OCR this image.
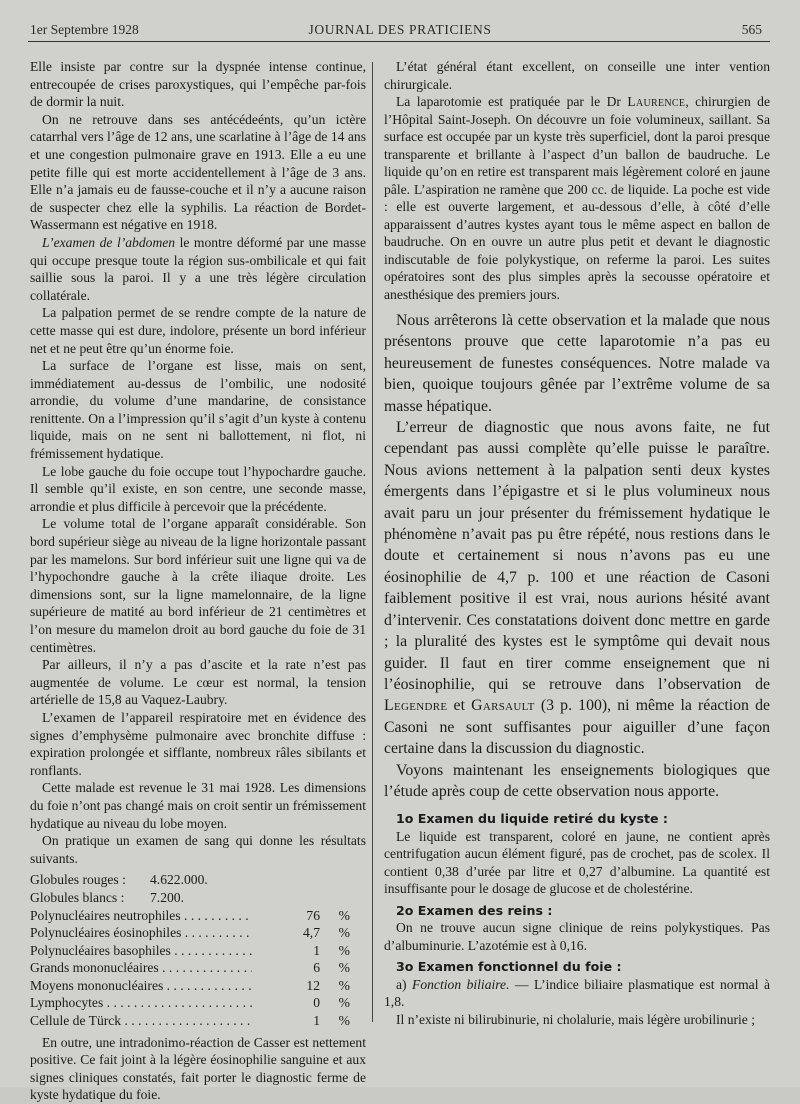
1er Septembre 1928	JOURNAL DES PRATICIENS	565

Elle insiste par contre sur la dyspnée intense continue, entrecoupée de crises paroxystiques, qui l’empêche par-fois de dormir la nuit.

On ne retrouve dans ses antécédeénts, qu’un ictère catarrhal vers l’âge de 12 ans, une scarlatine à l’âge de 14 ans et une congestion pulmonaire grave en 1913. Elle a eu une petite fille qui est morte accidentellement à l’âge de 3 ans. Elle n’a jamais eu de fausse-couche et il n’y a aucune raison de suspecter chez elle la syphilis. La réaction de Bordet-Wassermann est négative en 1918.

L’examen de l’abdomen le montre déformé par une masse qui occupe presque toute la région sus-ombilicale et qui fait saillie sous la paroi. Il y a une très légère circulation collatérale.

La palpation permet de se rendre compte de la nature de cette masse qui est dure, indolore, présente un bord inférieur net et ne peut être qu’un énorme foie.

La surface de l’organe est lisse, mais on sent, immédiatement au-dessus de l’ombilic, une nodosité arrondie, du volume d’une mandarine, de consistance renittente. On a l’impression qu’il s’agit d’un kyste à contenu liquide, mais on ne sent ni ballottement, ni flot, ni frémissement hydatique.

Le lobe gauche du foie occupe tout l’hypochardre gauche. Il semble qu’il existe, en son centre, une seconde masse, arrondie et plus difficile à percevoir que la précédente.

Le volume total de l’organe apparaît considérable. Son bord supérieur siège au niveau de la ligne horizontale passant par les mamelons. Sur bord inférieur suit une ligne qui va de l’hypochondre gauche à la crête iliaque droite. Les dimensions sont, sur la ligne mamelonnaire, de la ligne supérieure de matité au bord inférieur de 21 centimètres et l’on mesure du mamelon droit au bord gauche du foie de 31 centimètres.

Par ailleurs, il n’y a pas d’ascite et la rate n’est pas augmentée de volume. Le cœur est normal, la tension artérielle de 15,8 au Vaquez-Laubry.

L’examen de l’appareil respiratoire met en évidence des signes d’emphysème pulmonaire avec bronchite diffuse : expiration prolongée et sifflante, nombreux râles sibilants et ronflants.

Cette malade est revenue le 31 mai 1928. Les dimensions du foie n’ont pas changé mais on croit sentir un frémissement hydatique au niveau du lobe moyen.

On pratique un examen de sang qui donne les résultats suivants.

Globules rouges :	4.622.000.
Globules blancs :	7.200.
Polynucléaires neutrophiles . . .	76	%
Polynucléaires éosinophiles . . .	4,7	%
Polynucléaires basophiles . . .	1	%
Grands mononucléaires . . .	6	%
Moyens mononucléaires . . .	12	%
Lymphocytes . . .	0	%
Cellule de Türck . . .	1	%

En outre, une intradonimo-réaction de Casser est nettement positive. Ce fait joint à la légère éosinophilie sanguine et aux signes cliniques constatés, fait porter le diagnostic ferme de kyste hydatique du foie.

L’état général étant excellent, on conseille une inter vention chirurgicale.

La laparotomie est pratiquée par le Dr Laurence, chirurgien de l’Hôpital Saint-Joseph. On découvre un foie volumineux, saillant. Sa surface est occupée par un kyste très superficiel, dont la paroi presque transparente et brillante à l’aspect d’un ballon de baudruche. Le liquide qu’on en retire est transparent mais légèrement coloré en jaune pâle. L’aspiration ne ramène que 200 cc. de liquide. La poche est vide : elle est ouverte largement, et au-dessous d’elle, à côté d’elle apparaissent d’autres kystes ayant tous le même aspect en ballon de baudruche. On en ouvre un autre plus petit et devant le diagnostic indiscutable de foie polykystique, on referme la paroi. Les suites opératoires sont des plus simples après la secousse opératoire et anesthésique des premiers jours.

Nous arrêterons là cette observation et la malade que nous présentons prouve que cette laparotomie n’a pas eu heureusement de funestes conséquences. Notre malade va bien, quoique toujours gênée par l’extrême volume de sa masse hépatique.

L’erreur de diagnostic que nous avons faite, ne fut cependant pas aussi complète qu’elle puisse le paraître. Nous avions nettement à la palpation senti deux kystes émergents dans l’épigastre et si le plus volumineux nous avait paru un jour présenter du frémissement hydatique le phénomène n’avait pas pu être répété, nous restions dans le doute et certainement si nous n’avons pas eu une éosinophilie de 4,7 p. 100 et une réaction de Casoni faiblement positive il est vrai, nous aurions hésité avant d’intervenir. Ces constatations doivent donc mettre en garde ; la pluralité des kystes est le symptôme qui devait nous guider. Il faut en tirer comme enseignement que ni l’éosinophilie, qui se retrouve dans l’observation de Legendre et Garsault (3 p. 100), ni même la réaction de Casoni ne sont suffisantes pour aiguiller d’une façon certaine dans la discussion du diagnostic.

Voyons maintenant les enseignements biologiques que l’étude après coup de cette observation nous apporte.

1o Examen du liquide retiré du kyste :

Le liquide est transparent, coloré en jaune, ne contient après centrifugation aucun élément figuré, pas de crochet, pas de scolex. Il contient 0,38 d’urée par litre et 0,27 d’albumine. La quantité est insuffisante pour le dosage de glucose et de cholestérine.

2o Examen des reins :

On ne trouve aucun signe clinique de reins polykystiques. Pas d’albuminurie. L’azotémie est à 0,16.

3o Examen fonctionnel du foie :

a) Fonction biliaire. — L’indice biliaire plasmatique est normal à 1,8.

Il n’existe ni bilirubinurie, ni cholalurie, mais légère urobilinurie ;
